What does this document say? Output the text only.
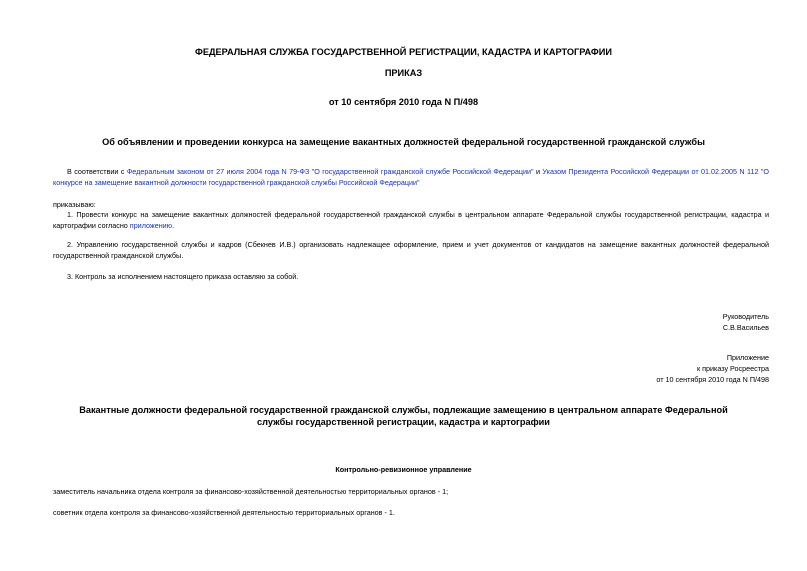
ФЕДЕРАЛЬНАЯ СЛУЖБА ГОСУДАРСТВЕННОЙ РЕГИСТРАЦИИ, КАДАСТРА И КАРТОГРАФИИ
ПРИКАЗ
от 10 сентября 2010 года N П/498
Об объявлении и проведении конкурса на замещение вакантных должностей федеральной государственной гражданской службы
В соответствии с Федеральным законом от 27 июля 2004 года N 79-ФЗ "О государственной гражданской службе Российской Федерации" и Указом Президента Российской Федерации от 01.02.2005 N 112 "О конкурсе на замещение вакантной должности государственной гражданской службы Российской Федерации"
приказываю:
1. Провести конкурс на замещение вакантных должностей федеральной государственной гражданской службы в центральном аппарате Федеральной службы государственной регистрации, кадастра и картографии согласно приложению.
2. Управлению государственной службы и кадров (Сбекнев И.В.) организовать надлежащее оформление, прием и учет документов от кандидатов на замещение вакантных должностей федеральной государственной гражданской службы.
3. Контроль за исполнением настоящего приказа оставляю за собой.
Руководитель
С.В.Васильев
Приложение
к приказу Росреестра
от 10 сентября 2010 года N П/498
Вакантные должности федеральной государственной гражданской службы, подлежащие замещению в центральном аппарате Федеральной службы государственной регистрации, кадастра и картографии
Контрольно-ревизионное управление
заместитель начальника отдела контроля за финансово-хозяйственной деятельностью территориальных органов - 1;
советник отдела контроля за финансово-хозяйственной деятельностью территориальных органов - 1.
